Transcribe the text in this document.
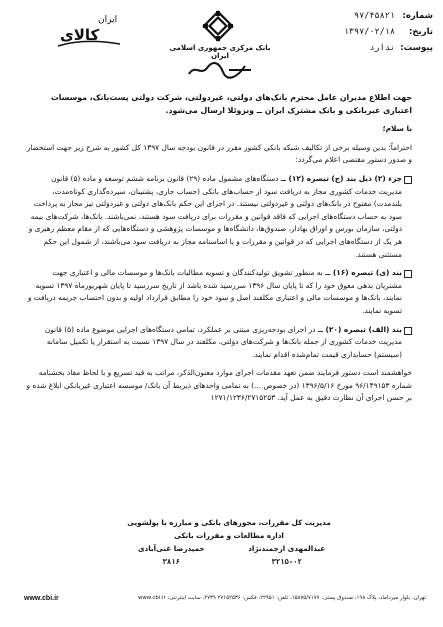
شماره:
۹۷/۴۵۸۲۱
تاریخ:
۱۳۹۷/۰۲/۱۸
پیوست:
ندارد
بانک مرکزی جمهوری اسلامی ایران
ایران
کالای

جهت اطلاع مدیران عامل محترم بانک‌های دولتی، غیردولتی، شرکت دولتی پست‌بانک، موسسات اعتباری غیربانکی و بانک مشترک ایران ــ ونزوئلا ارسال می‌شود.

با سلام؛

احتراماً؛ بدین وسیله برخی از تکالیف شبکه بانکی کشور مقرر در قانون بودجه سال ۱۳۹۷ کل کشور به شرح زیر جهت استحضار و صدور دستور مقتضی اعلام می‌گردد:

جزء (۲) ذیل بند (ج) تبصره (۱۲) ــ دستگاه‌های مشمول ماده (۲۹) قانون برنامه ششم توسعه و ماده (۵) قانون مدیریت خدمات کشوری مجاز به دریافت سود از حساب‌های بانکی (حساب جاری، پشتیبان، سپرده‌گذاری کوتاه‌مدت، بلندمدت) مفتوح در بانک‌های دولتی و غیردولتی نیستند. در اجرای این حکم بانک‌های دولتی و غیردولتی نیز مجاز به پرداخت سود به حساب دستگاه‌های اجرایی که فاقد قوانین و مقررات برای دریافت سود هستند، نمی‌باشند. بانک‌ها، شرکت‌های بیمه دولتی، سازمان بورس و اوراق بهادار، صندوق‌ها، دانشگاه‌ها و موسسات پژوهشی و دستگاه‌هایی که از مقام معظم رهبری و هر یک از دستگاه‌های اجرایی که در قوانین و مقررات و یا اساسنامه مجاز به دریافت سود می‌باشند، از شمول این حکم مستثنی هستند.

بند (ی) تبصره (۱۶) ــ به منظور تشویق تولیدکنندگان و تسویه مطالبات بانک‌ها و موسسات مالی و اعتباری جهت مشتریان بدهی معوق خود را که تا پایان سال ۱۳۹۶ سررسید شده باشد از تاریخ سررسید تا پایان شهریورماه ۱۳۹۷ تسویه نمایند، بانک‌ها و موسسات مالی و اعتباری مکلفند اصل و سود خود را مطابق قرارداد اولیه و بدون احتساب جریمه دریافت و تسویه نمایند.

بند (الف) تبصره (۲۰) ــ در اجرای بودجه‌ریزی مبتنی بر عملکرد، تمامی دستگاه‌های اجرایی موضوع ماده (۵) قانون مدیریت خدمات کشوری از جمله بانک‌ها و شرکت‌های دولتی، مکلفند در سال ۱۳۹۷ نسبت به استقرار یا تکمیل سامانه (سیستم) حسابداری قیمت تمام‌شده اقدام نمایند.

خواهشمند است دستور فرمایند ضمن تعهد مقدمات اجرای موارد معنون‌الذکر، مراتب به قید تسریع و با لحاظ مفاد بخشنامه شماره ۹۶/۱۴۹۱۵۳ مورخ ۱۳۹۶/۵/۱۶ (در خصوص ...) به تمامی واحدهای ذیربط آن بانک/ موسسه اعتباری غیربانکی ابلاغ شده و بر حسن اجرای آن نظارت دقیق به عمل آید. ۱۲۷۱/۱۲۳۶/۲۷۱۵۲۵۳

مدیریت کل مقررات، مجوزهای بانکی و مبارزه با پولشویی
اداره مطالعات و مقررات بانکی
عبدالمهدی ارجمندنژاد
۳۲۱۵-۰۲
حمیدرضا غنی‌آبادی
۳۸۱۶
www.cbi.ir	تهران، بلوار میرداماد، پلاک ۱۹۸، صندوق پستی: ۱۵۸۷۵/۷۱۷۷، تلفن: ۲۲۹۵۱، فکس: ۲۷۱۵۲۵۳۶ ۲۷۳۹، سایت اینترنتی: www.cbi.ir
